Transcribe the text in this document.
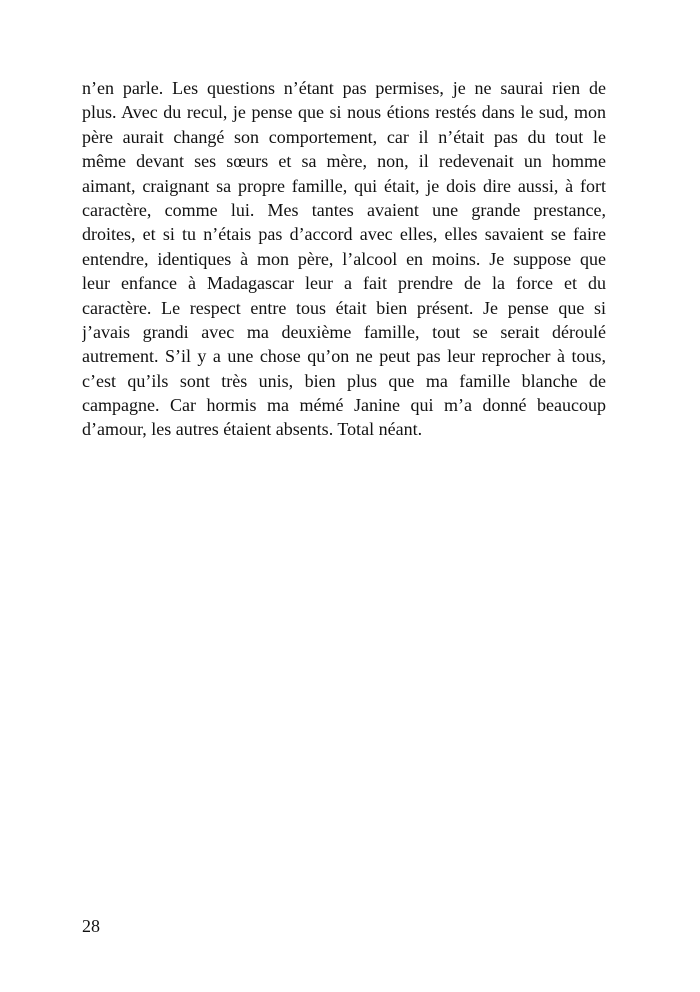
n’en parle. Les questions n’étant pas permises, je ne saurai rien de
plus. Avec du recul, je pense que si nous étions restés dans le sud, mon
père aurait changé son comportement, car il n’était pas du tout le
même devant ses sœurs et sa mère, non, il redevenait un homme
aimant, craignant sa propre famille, qui était, je dois dire aussi, à fort
caractère, comme lui. Mes tantes avaient une grande prestance,
droites, et si tu n’étais pas d’accord avec elles, elles savaient se faire
entendre, identiques à mon père, l’alcool en moins. Je suppose que
leur enfance à Madagascar leur a fait prendre de la force et du
caractère. Le respect entre tous était bien présent. Je pense que si
j’avais grandi avec ma deuxième famille, tout se serait déroulé
autrement. S’il y a une chose qu’on ne peut pas leur reprocher à tous,
c’est qu’ils sont très unis, bien plus que ma famille blanche de
campagne. Car hormis ma mémé Janine qui m’a donné beaucoup
d’amour, les autres étaient absents. Total néant.
28
